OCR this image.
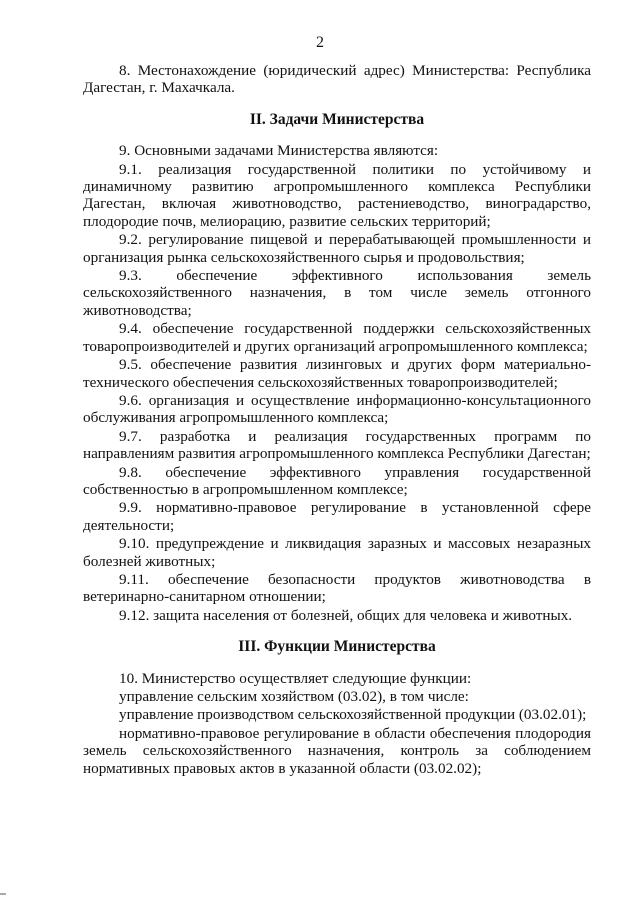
2

8. Местонахождение (юридический адрес) Министерства: Республика Дагестан, г. Махачкала.

II. Задачи Министерства

9. Основными задачами Министерства являются:

9.1. реализация государственной политики по устойчивому и динамичному развитию агропромышленного комплекса Республики Дагестан, включая животноводство, растениеводство, виноградарство, плодородие почв, мелиорацию, развитие сельских территорий;

9.2. регулирование пищевой и перерабатывающей промышленности и организация рынка сельскохозяйственного сырья и продовольствия;

9.3. обеспечение эффективного использования земель сельскохозяйственного назначения, в том числе земель отгонного животноводства;

9.4. обеспечение государственной поддержки сельскохозяйственных товаропроизводителей и других организаций агропромышленного комплекса;

9.5. обеспечение развития лизинговых и других форм материально-технического обеспечения сельскохозяйственных товаропроизводителей;

9.6. организация и осуществление информационно-консультационного обслуживания агропромышленного комплекса;

9.7. разработка и реализация государственных программ по направлениям развития агропромышленного комплекса Республики Дагестан;

9.8. обеспечение эффективного управления государственной собственностью в агропромышленном комплексе;

9.9. нормативно-правовое регулирование в установленной сфере деятельности;

9.10. предупреждение и ликвидация заразных и массовых незаразных болезней животных;

9.11. обеспечение безопасности продуктов животноводства в ветеринарно-санитарном отношении;

9.12. защита населения от болезней, общих для человека и животных.

III. Функции Министерства

10. Министерство осуществляет следующие функции:

управление сельским хозяйством (03.02), в том числе:

управление производством сельскохозяйственной продукции (03.02.01);

нормативно-правовое регулирование в области обеспечения плодородия земель сельскохозяйственного назначения, контроль за соблюдением нормативных правовых актов в указанной области (03.02.02);
